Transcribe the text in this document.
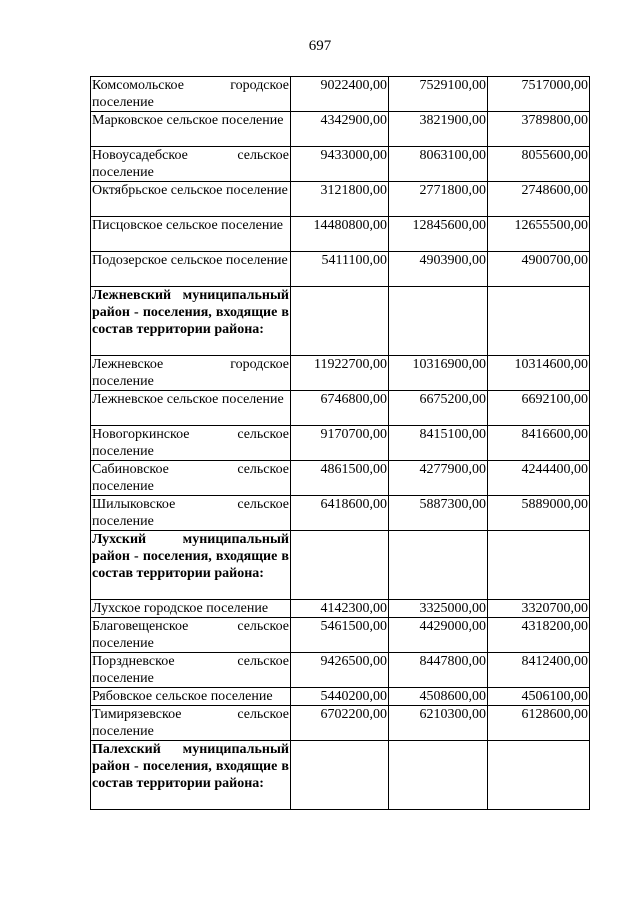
697
Комсомольское городское поселение	9022400,00	7529100,00	7517000,00
Марковское сельское поселение	4342900,00	3821900,00	3789800,00
Новоусадебское сельское поселение	9433000,00	8063100,00	8055600,00
Октябрьское сельское поселение	3121800,00	2771800,00	2748600,00
Писцовское сельское поселение	14480800,00	12845600,00	12655500,00
Подозерское сельское поселение	5411100,00	4903900,00	4900700,00
Лежневский муниципальный район - поселения, входящие в состав территории района:			
Лежневское городское поселение	11922700,00	10316900,00	10314600,00
Лежневское сельское поселение	6746800,00	6675200,00	6692100,00
Новогоркинское сельское поселение	9170700,00	8415100,00	8416600,00
Сабиновское сельское поселение	4861500,00	4277900,00	4244400,00
Шилыковское сельское поселение	6418600,00	5887300,00	5889000,00
Лухский муниципальный район - поселения, входящие в состав территории района:			
Лухское городское поселение	4142300,00	3325000,00	3320700,00
Благовещенское сельское поселение	5461500,00	4429000,00	4318200,00
Порздневское сельское поселение	9426500,00	8447800,00	8412400,00
Рябовское сельское поселение	5440200,00	4508600,00	4506100,00
Тимирязевское сельское поселение	6702200,00	6210300,00	6128600,00
Палехский муниципальный район - поселения, входящие в состав территории района:			
